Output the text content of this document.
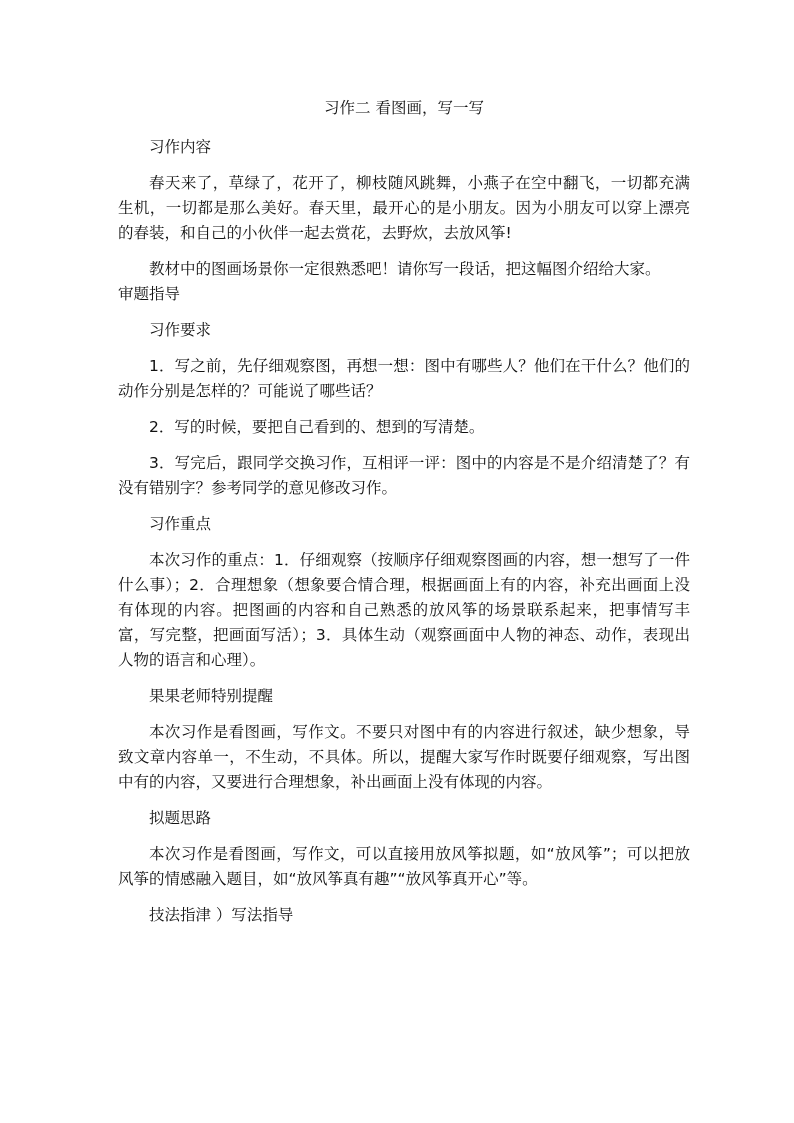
习作二 看图画，写一写
习作内容

春天来了，草绿了，花开了，柳枝随风跳舞，小燕子在空中翻飞，一切都充满生机，一切都是那么美好。春天里，最开心的是小朋友。因为小朋友可以穿上漂亮的春装，和自己的小伙伴一起去赏花，去野炊，去放风筝!

教材中的图画场景你一定很熟悉吧！请你写一段话，把这幅图介绍给大家。

审题指导
习作要求

1．写之前，先仔细观察图，再想一想：图中有哪些人？他们在干什么？他们的动作分别是怎样的？可能说了哪些话？

2．写的时候，要把自己看到的、想到的写清楚。

3．写完后，跟同学交换习作，互相评一评：图中的内容是不是介绍清楚了？有没有错别字？参考同学的意见修改习作。

习作重点

本次习作的重点：1．仔细观察（按顺序仔细观察图画的内容，想一想写了一件什么事）；2．合理想象（想象要合情合理，根据画面上有的内容，补充出画面上没有体现的内容。把图画的内容和自己熟悉的放风筝的场景联系起来，把事情写丰富，写完整，把画面写活）；3．具体生动（观察画面中人物的神态、动作，表现出人物的语言和心理）。

果果老师特别提醒

本次习作是看图画，写作文。不要只对图中有的内容进行叙述，缺少想象，导致文章内容单一，不生动，不具体。所以，提醒大家写作时既要仔细观察，写出图中有的内容，又要进行合理想象，补出画面上没有体现的内容。

拟题思路

本次习作是看图画，写作文，可以直接用放风筝拟题，如“放风筝”；可以把放风筝的情感融入题目，如“放风筝真有趣”“放风筝真开心”等。

技法指津 ）写法指导
